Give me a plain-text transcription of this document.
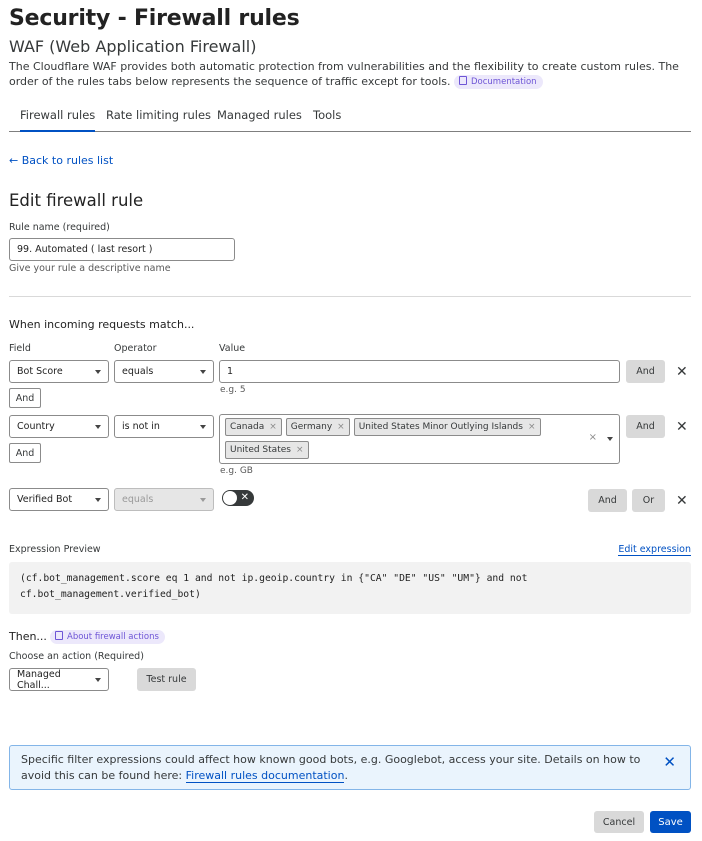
Security - Firewall rules
WAF (Web Application Firewall)
The Cloudflare WAF provides both automatic protection from vulnerabilities and the flexibility to create custom rules. The order of the rules tabs below represents the sequence of traffic except for tools. Documentation
Firewall rules Rate limiting rules Managed rules Tools
← Back to rules list
Edit firewall rule
Rule name (required)
99. Automated ( last resort )
Give your rule a descriptive name
When incoming requests match...
Field	Operator	Value
Bot Score	equals	1
e.g. 5
And	✕
And
Country	is not in	Canada × Germany × United States Minor Outlying Islands ×
United States ×
×
e.g. GB
And	✕
And
Verified Bot	equals	✕	And	Or	✕
Expression Preview	Edit expression
(cf.bot_management.score eq 1 and not ip.geoip.country in {"CA" "DE" "US" "UM"} and not
cf.bot_management.verified_bot)
Then...	About firewall actions
Choose an action (Required)
Managed Chall...	Test rule
Specific filter expressions could affect how known good bots, e.g. Googlebot, access your site. Details on how to avoid this can be found here: Firewall rules documentation.
✕
Cancel	Save
